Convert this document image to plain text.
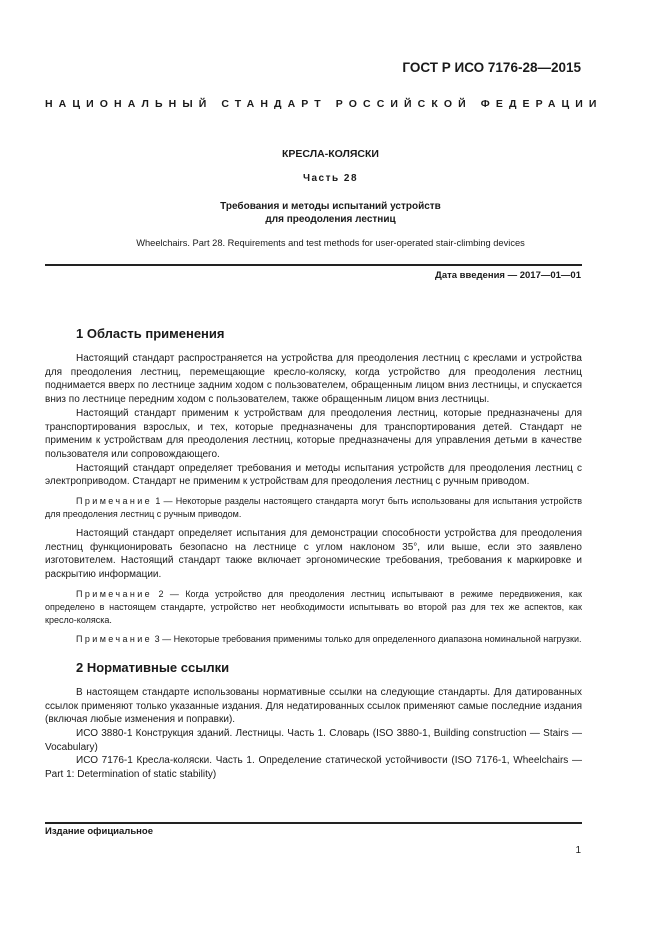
ГОСТ Р ИСО 7176-28—2015
НАЦИОНАЛЬНЫЙ СТАНДАРТ РОССИЙСКОЙ ФЕДЕРАЦИИ
КРЕСЛА-КОЛЯСКИ
Часть 28
Требования и методы испытаний устройств
для преодоления лестниц
Wheelchairs. Part 28. Requirements and test methods for user-operated stair-climbing devices
Дата введения — 2017—01—01
1 Область применения

Настоящий стандарт распространяется на устройства для преодоления лестниц с креслами и устройства для преодоления лестниц, перемещающие кресло-коляску, когда устройство для преодоления лестниц поднимается вверх по лестнице задним ходом с пользователем, обращенным лицом вниз лестницы, и спускается вниз по лестнице передним ходом с пользователем, также обращенным лицом вниз лестницы.

Настоящий стандарт применим к устройствам для преодоления лестниц, которые предназначены для транспортирования взрослых, и тех, которые предназначены для транспортирования детей. Стандарт не применим к устройствам для преодоления лестниц, которые предназначены для управления детьми в качестве пользователя или сопровождающего.

Настоящий стандарт определяет требования и методы испытания устройств для преодоления лестниц с электроприводом. Стандарт не применим к устройствам для преодоления лестниц с ручным приводом.

Примечание 1 — Некоторые разделы настоящего стандарта могут быть использованы для испытания устройств для преодоления лестниц с ручным приводом.

Настоящий стандарт определяет испытания для демонстрации способности устройства для преодоления лестниц функционировать безопасно на лестнице с углом наклоном 35°, или выше, если это заявлено изготовителем. Настоящий стандарт также включает эргономические требования, требования к маркировке и раскрытию информации.

Примечание 2 — Когда устройство для преодоления лестниц испытывают в режиме передвижения, как определено в настоящем стандарте, устройство нет необходимости испытывать во второй раз для тех же аспектов, как кресло-коляска.

Примечание 3 — Некоторые требования применимы только для определенного диапазона номинальной нагрузки.

2 Нормативные ссылки

В настоящем стандарте использованы нормативные ссылки на следующие стандарты. Для датированных ссылок применяют только указанные издания. Для недатированных ссылок применяют самые последние издания (включая любые изменения и поправки).

ИСО 3880-1 Конструкция зданий. Лестницы. Часть 1. Словарь (ISO 3880-1, Building construction — Stairs — Vocabulary)

ИСО 7176-1 Кресла-коляски. Часть 1. Определение статической устойчивости (ISO 7176-1, Wheelchairs — Part 1: Determination of static stability)

Издание официальное
1
